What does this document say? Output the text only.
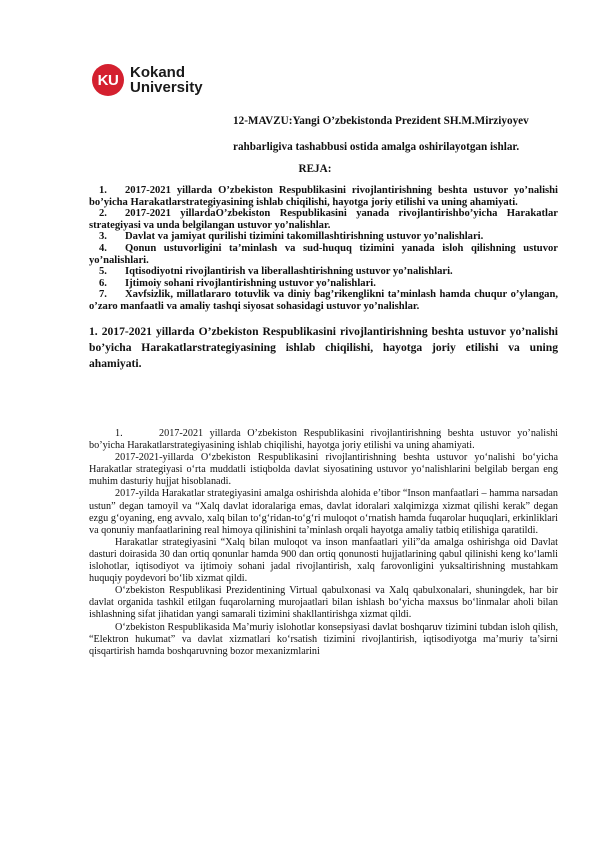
KU Kokand
University
12-MAVZU:Yangi O’zbekistonda Prezident SH.M.Mirziyoyev
rahbarligiva tashabbusi ostida amalga oshirilayotgan ishlar.
REJA:
1. 2017-2021 yillarda O’zbekiston Respublikasini rivojlantirishning beshta ustuvor yo’nalishi bo’yicha Harakatlarstrategiyasining ishlab chiqilishi, hayotga joriy etilishi va uning ahamiyati.
2. 2017-2021 yillardaO’zbekiston Respublikasini yanada rivojlantirishbo’yicha Harakatlar strategiyasi va unda belgilangan ustuvor yo’nalishlar.
3. Davlat va jamiyat qurilishi tizimini takomillashtirishning ustuvor yo’nalishlari.
4. Qonun ustuvorligini ta’minlash va sud-huquq tizimini yanada isloh qilishning ustuvor yo’nalishlari.
5. Iqtisodiyotni rivojlantirish va liberallashtirishning ustuvor yo’nalishlari.
6. Ijtimoiy sohani rivojlantirishning ustuvor yo’nalishlari.
7. Xavfsizlik, millatlararo totuvlik va diniy bag’rikenglikni ta’minlash hamda chuqur o’ylangan, o’zaro manfaatli va amaliy tashqi siyosat sohasidagi ustuvor yo’nalishlar.
1. 2017-2021 yillarda O’zbekiston Respublikasini rivojlantirishning beshta ustuvor yo’nalishi bo’yicha Harakatlarstrategiyasining ishlab chiqilishi, hayotga joriy etilishi va uning ahamiyati.

1.	2017-2021 yillarda O’zbekiston Respublikasini rivojlantirishning beshta ustuvor yo’nalishi bo’yicha Harakatlarstrategiyasining ishlab chiqilishi, hayotga joriy etilishi va uning ahamiyati.

2017-2021-yillarda O‘zbekiston Respublikasini rivojlantirishning beshta ustuvor yo‘nalishi bo‘yicha Harakatlar strategiyasi o‘rta muddatli istiqbolda davlat siyosatining ustuvor yo‘nalishlarini belgilab bergan eng muhim dasturiy hujjat hisoblanadi.

2017-yilda Harakatlar strategiyasini amalga oshirishda alohida e’tibor “Inson manfaatlari – hamma narsadan ustun” degan tamoyil va “Xalq davlat idoralariga emas, davlat idoralari xalqimizga xizmat qilishi kerak” degan ezgu g‘oyaning, eng avvalo, xalq bilan to‘g‘ridan-to‘g‘ri muloqot o‘rnatish hamda fuqarolar huquqlari, erkinliklari va qonuniy manfaatlarining real himoya qilinishini ta’minlash orqali hayotga amaliy tatbiq etilishiga qaratildi.

Harakatlar strategiyasini “Xalq bilan muloqot va inson manfaatlari yili”da amalga oshirishga oid Davlat dasturi doirasida 30 dan ortiq qonunlar hamda 900 dan ortiq qonunosti hujjatlarining qabul qilinishi keng ko‘lamli islohotlar, iqtisodiyot va ijtimoiy sohani jadal rivojlantirish, xalq farovonligini yuksaltirishning mustahkam huquqiy poydevori bo‘lib xizmat qildi.

O‘zbekiston Respublikasi Prezidentining Virtual qabulxonasi va Xalq qabulxonalari, shuningdek, har bir davlat organida tashkil etilgan fuqarolarning murojaatlari bilan ishlash bo‘yicha maxsus bo‘linmalar aholi bilan ishlashning sifat jihatidan yangi samarali tizimini shakllantirishga xizmat qildi.

O‘zbekiston Respublikasida Ma’muriy islohotlar konsepsiyasi davlat boshqaruv tizimini tubdan isloh qilish, “Elektron hukumat” va davlat xizmatlari ko‘rsatish tizimini rivojlantirish, iqtisodiyotga ma’muriy ta’sirni qisqartirish hamda boshqaruvning bozor mexanizmlarini
